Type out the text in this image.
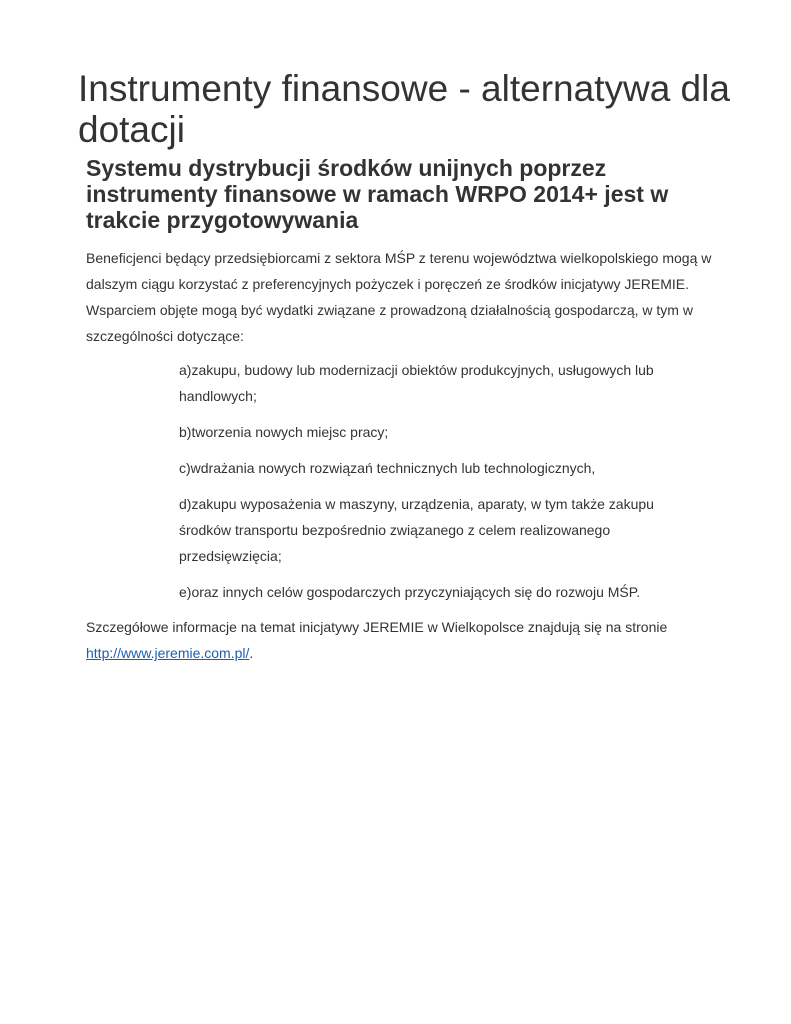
Instrumenty finansowe - alternatywa dla dotacji
Systemu dystrybucji środków unijnych poprzez instrumenty finansowe w ramach WRPO 2014+ jest w trakcie przygotowywania

Beneficjenci będący przedsiębiorcami z sektora MŚP z terenu województwa wielkopolskiego mogą w dalszym ciągu korzystać z preferencyjnych pożyczek i poręczeń ze środków inicjatywy JEREMIE. Wsparciem objęte mogą być wydatki związane z prowadzoną działalnością gospodarczą, w tym w szczególności dotyczące:

a)zakupu, budowy lub modernizacji obiektów produkcyjnych, usługowych lub handlowych;
b)tworzenia nowych miejsc pracy;
c)wdrażania nowych rozwiązań technicznych lub technologicznych,
d)zakupu wyposażenia w maszyny, urządzenia, aparaty, w tym także zakupu środków transportu bezpośrednio związanego z celem realizowanego przedsięwzięcia;
e)oraz innych celów gospodarczych przyczyniających się do rozwoju MŚP.

Szczegółowe informacje na temat inicjatywy JEREMIE w Wielkopolsce znajdują się na stronie http://www.jeremie.com.pl/.
